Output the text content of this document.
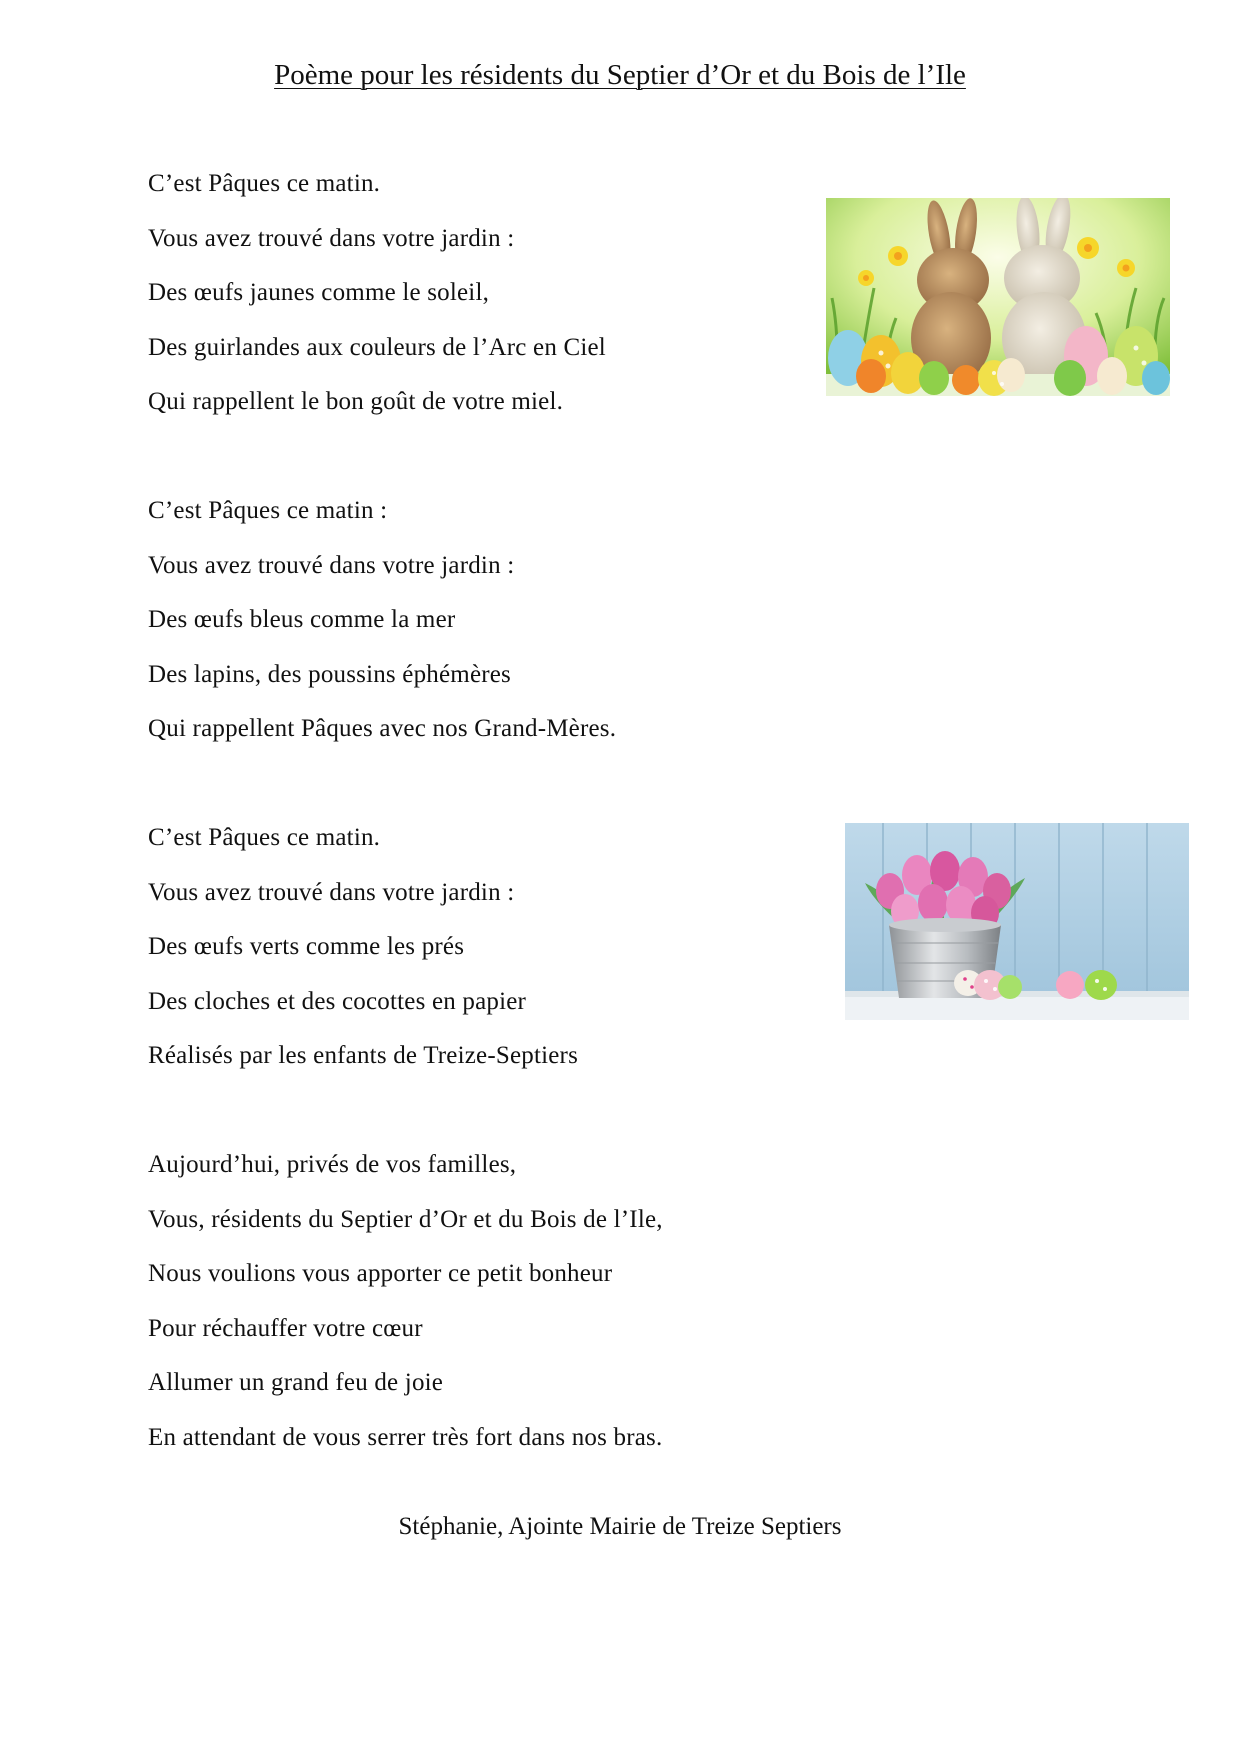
Poème pour les résidents du Septier d’Or et du Bois de l’Ile
C’est Pâques ce matin.
Vous avez trouvé dans votre jardin :
Des œufs jaunes comme le soleil,
Des guirlandes aux couleurs de l’Arc en Ciel
Qui rappellent le bon goût de votre miel.
C’est Pâques ce matin :
Vous avez trouvé dans votre jardin :
Des œufs bleus comme la mer
Des lapins, des poussins éphémères
Qui rappellent Pâques avec nos Grand-Mères.
C’est Pâques ce matin.
Vous avez trouvé dans votre jardin :
Des œufs verts comme les prés
Des cloches et des cocottes en papier
Réalisés par les enfants de Treize-Septiers
Aujourd’hui, privés de vos familles,
Vous, résidents du Septier d’Or et du Bois de l’Ile,
Nous voulions vous apporter ce petit bonheur
Pour réchauffer votre cœur
Allumer un grand feu de joie
En attendant de vous serrer très fort dans nos bras.
Stéphanie, Ajointe Mairie de Treize Septiers
